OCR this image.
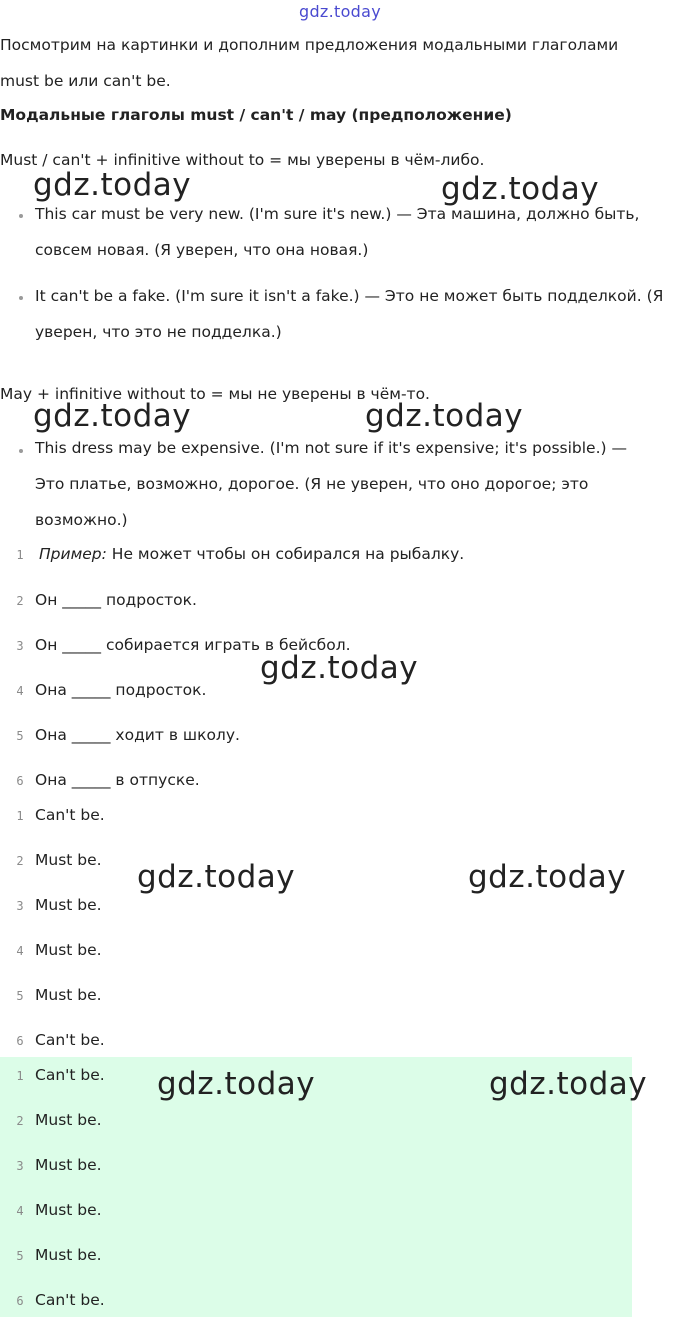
gdz.today
Посмотрим на картинки и дополним предложения модальными глаголами
must be или can't be.
Модальные глаголы must / can't / may (предположение)
Must / can't + infinitive without to = мы уверены в чём-либо.
This car must be very new. (I'm sure it's new.) — Эта машина, должно быть,
совсем новая. (Я уверен, что она новая.)
It can't be a fake. (I'm sure it isn't a fake.) — Это не может быть подделкой. (Я
уверен, что это не подделка.)
May + infinitive without to = мы не уверены в чём-то.
This dress may be expensive. (I'm not sure if it's expensive; it's possible.) —
Это платье, возможно, дорогое. (Я не уверен, что оно дорогое; это
возможно.)
1 Пример: Не может чтобы он собирался на рыбалку.
2 Он _____ подросток.
3 Он _____ собирается играть в бейсбол.
4 Она _____ подросток.
5 Она _____ ходит в школу.
6 Она _____ в отпуске.
1 Can't be.
2 Must be.
3 Must be.
4 Must be.
5 Must be.
6 Can't be.
1 Can't be.
2 Must be.
3 Must be.
4 Must be.
5 Must be.
6 Can't be.
gdz.today	gdz.today
gdz.today	gdz.today
gdz.today
gdz.today	gdz.today
gdz.today	gdz.today
